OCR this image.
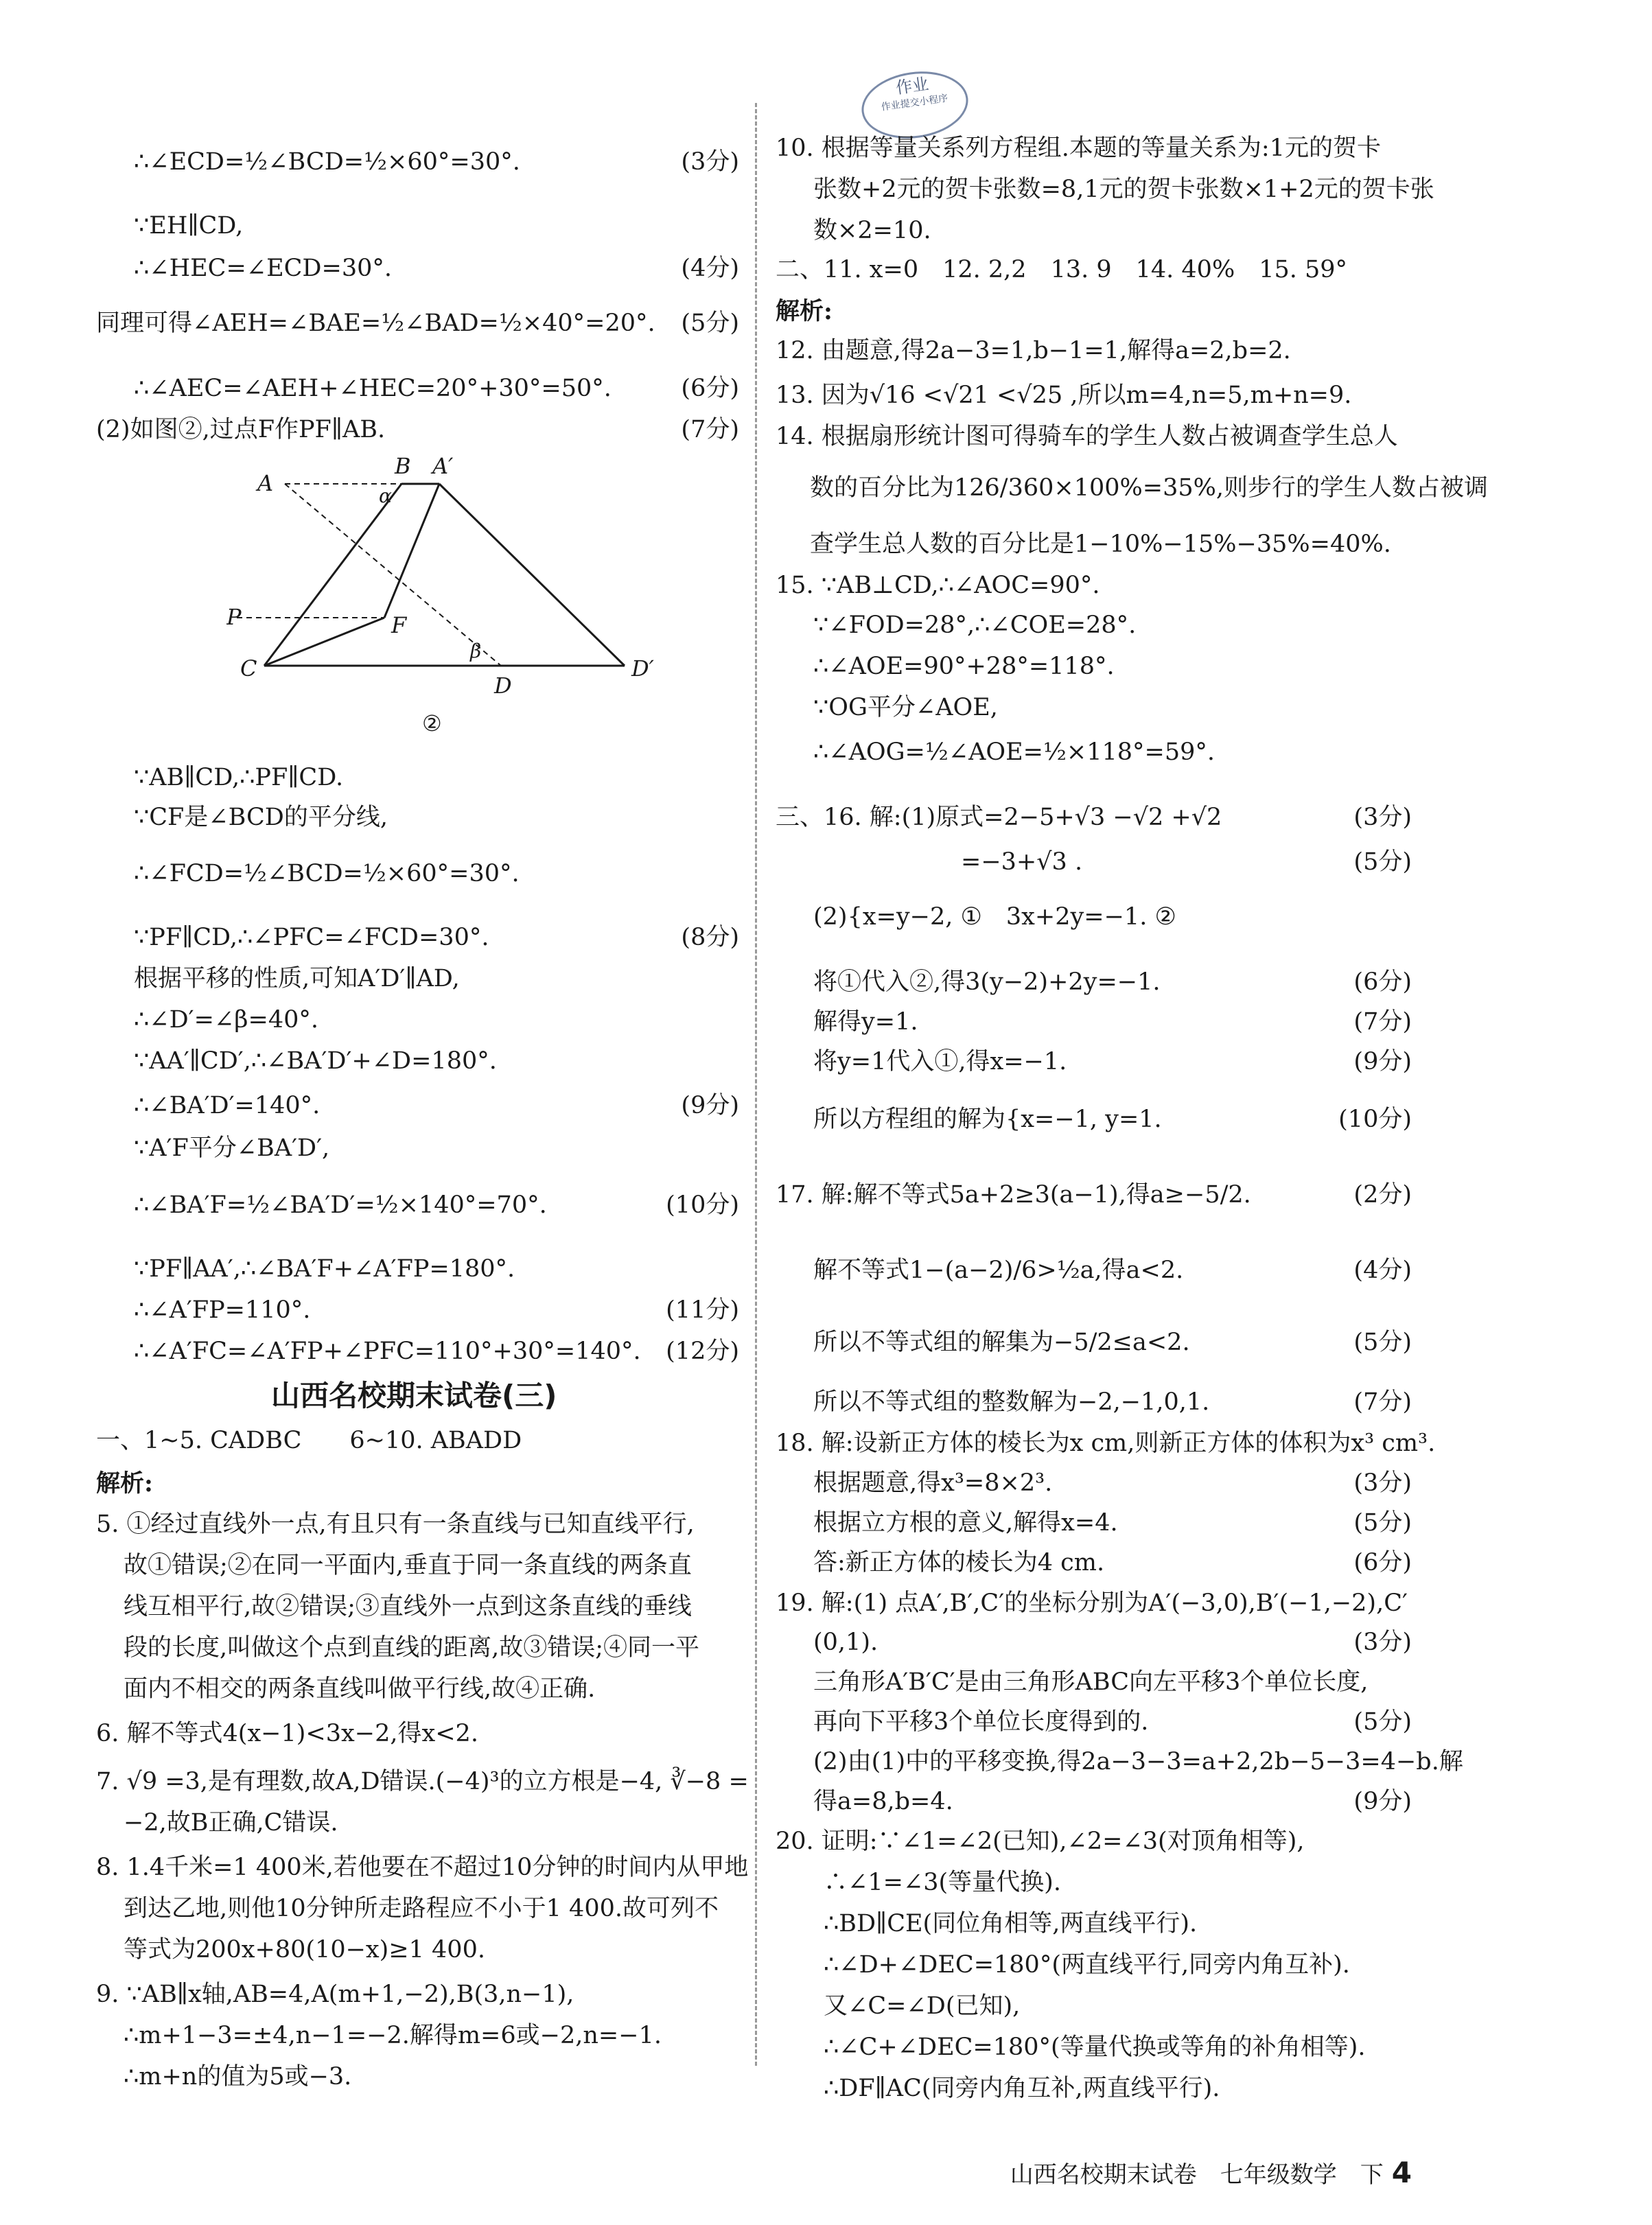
作业
作业提交小程序
∴∠ECD=½∠BCD=½×60°=30°.	(3分)
∵EH∥CD,
∴∠HEC=∠ECD=30°.	(4分)
同理可得∠AEH=∠BAE=½∠BAD=½×40°=20°. (5分)
∴∠AEC=∠AEH+∠HEC=20°+30°=50°.	(6分)
(2)如图②,过点F作PF∥AB.	(7分)
A
B A′
α
P	F
C
β
D
D′
②
∵AB∥CD,∴PF∥CD.
∵CF是∠BCD的平分线,
∴∠FCD=½∠BCD=½×60°=30°.
∵PF∥CD,∴∠PFC=∠FCD=30°.	(8分)
根据平移的性质,可知A′D′∥AD,
∴∠D′=∠β=40°.
∵AA′∥CD′,∴∠BA′D′+∠D=180°.
∴∠BA′D′=140°.	(9分)
∵A′F平分∠BA′D′,
∴∠BA′F=½∠BA′D′=½×140°=70°.	(10分)
∵PF∥AA′,∴∠BA′F+∠A′FP=180°.
∴∠A′FP=110°.	(11分)
∴∠A′FC=∠A′FP+∠PFC=110°+30°=140°. (12分)
山西名校期末试卷(三)
一、1~5. CADBC　　6~10. ABADD
解析:
5. ①经过直线外一点,有且只有一条直线与已知直线平行,
故①错误;②在同一平面内,垂直于同一条直线的两条直
线互相平行,故②错误;③直线外一点到这条直线的垂线
段的长度,叫做这个点到直线的距离,故③错误;④同一平
面内不相交的两条直线叫做平行线,故④正确.
6. 解不等式4(x−1)<3x−2,得x<2.
7. √9 =3,是有理数,故A,D错误.(−4)³的立方根是−4, ∛−8 =
−2,故B正确,C错误.
8. 1.4千米=1 400米,若他要在不超过10分钟的时间内从甲地
到达乙地,则他10分钟所走路程应不小于1 400.故可列不
等式为200x+80(10−x)≥1 400.
9. ∵AB∥x轴,AB=4,A(m+1,−2),B(3,n−1),
∴m+1−3=±4,n−1=−2.解得m=6或−2,n=−1.
∴m+n的值为5或−3.
10. 根据等量关系列方程组.本题的等量关系为:1元的贺卡
张数+2元的贺卡张数=8,1元的贺卡张数×1+2元的贺卡张
数×2=10.
二、11. x=0　12. 2,2　13. 9　14. 40%　15. 59°
解析:
12. 由题意,得2a−3=1,b−1=1,解得a=2,b=2.
13. 因为√16 <√21 <√25 ,所以m=4,n=5,m+n=9.
14. 根据扇形统计图可得骑车的学生人数占被调查学生总人
数的百分比为126/360×100%=35%,则步行的学生人数占被调
查学生总人数的百分比是1−10%−15%−35%=40%.
15. ∵AB⊥CD,∴∠AOC=90°.
∵∠FOD=28°,∴∠COE=28°.
∴∠AOE=90°+28°=118°.
∵OG平分∠AOE,
∴∠AOG=½∠AOE=½×118°=59°.
三、16. 解:(1)原式=2−5+√3 −√2 +√2	(3分)
=−3+√3 .	(5分)
(2){x=y−2, ①　3x+2y=−1. ②
将①代入②,得3(y−2)+2y=−1.	(6分)
解得y=1.	(7分)
将y=1代入①,得x=−1.	(9分)
所以方程组的解为{x=−1, y=1.	(10分)
17. 解:解不等式5a+2≥3(a−1),得a≥−5/2.	(2分)
解不等式1−(a−2)/6>½a,得a<2.	(4分)
所以不等式组的解集为−5/2≤a<2.	(5分)
所以不等式组的整数解为−2,−1,0,1.	(7分)
18. 解:设新正方体的棱长为x cm,则新正方体的体积为x³ cm³.
根据题意,得x³=8×2³.	(3分)
根据立方根的意义,解得x=4.	(5分)
答:新正方体的棱长为4 cm.	(6分)
19. 解:(1) 点A′,B′,C′的坐标分别为A′(−3,0),B′(−1,−2),C′
(0,1).	(3分)
三角形A′B′C′是由三角形ABC向左平移3个单位长度,
再向下平移3个单位长度得到的.	(5分)
(2)由(1)中的平移变换,得2a−3−3=a+2,2b−5−3=4−b.解
得a=8,b=4.	(9分)
20. 证明:∵∠1=∠2(已知),∠2=∠3(对顶角相等),
∴∠1=∠3(等量代换).
∴BD∥CE(同位角相等,两直线平行).
∴∠D+∠DEC=180°(两直线平行,同旁内角互补).
又∠C=∠D(已知),
∴∠C+∠DEC=180°(等量代换或等角的补角相等).
∴DF∥AC(同旁内角互补,两直线平行).
山西名校期末试卷　七年级数学　下 4
